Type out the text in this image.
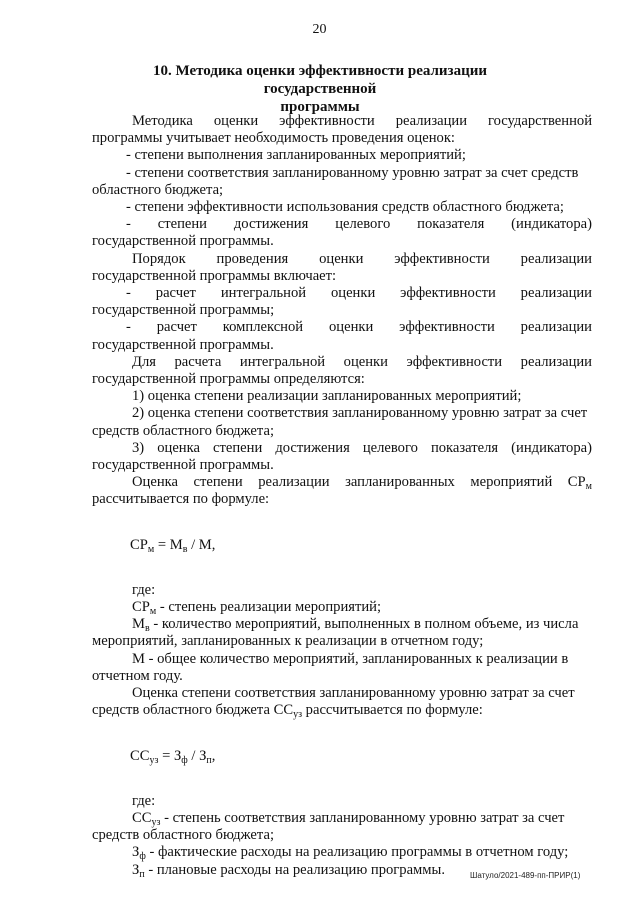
20
10. Методика оценки эффективности реализации государственной
программы
Методика оценки эффективности реализации государственной
программы учитывает необходимость проведения оценок:
- степени выполнения запланированных мероприятий;
- степени соответствия запланированному уровню затрат за счет средств
областного бюджета;
- степени эффективности использования средств областного бюджета;
- степени достижения целевого показателя (индикатора)
государственной программы.
Порядок проведения оценки эффективности реализации
государственной программы включает:
- расчет интегральной оценки эффективности реализации
государственной программы;
- расчет комплексной оценки эффективности реализации
государственной программы.
Для расчета интегральной оценки эффективности реализации
государственной программы определяются:
1) оценка степени реализации запланированных мероприятий;
2) оценка степени соответствия запланированному уровню затрат за счет
средств областного бюджета;
3) оценка степени достижения целевого показателя (индикатора)
государственной программы.
Оценка степени реализации запланированных мероприятий $СР_м$
рассчитывается по формуле:
$СР_м = М_в / М$,
где:
$СР_м$ - степень реализации мероприятий;
$М_в$ - количество мероприятий, выполненных в полном объеме, из числа
мероприятий, запланированных к реализации в отчетном году;
М - общее количество мероприятий, запланированных к реализации в
отчетном году.
Оценка степени соответствия запланированному уровню затрат за счет
средств областного бюджета $СС_{уз}$ рассчитывается по формуле:
$СС_{уз} = З_ф / З_п$,
где:
$СС_{уз}$ - степень соответствия запланированному уровню затрат за счет
средств областного бюджета;
$З_ф$ - фактические расходы на реализацию программы в отчетном году;
$З_п$ - плановые расходы на реализацию программы.	Шатуло/2021-489-пп-ПРИР(1)
